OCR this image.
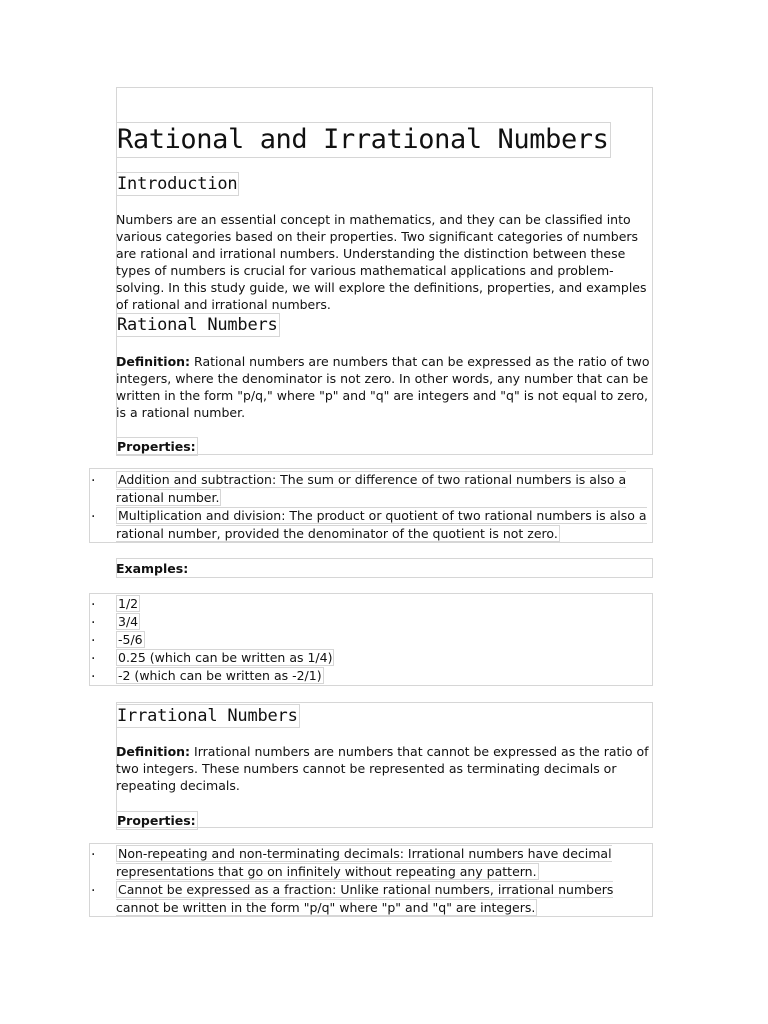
Rational and Irrational Numbers
Introduction

Numbers are an essential concept in mathematics, and they can be classified into various categories based on their properties. Two significant categories of numbers are rational and irrational numbers. Understanding the distinction between these types of numbers is crucial for various mathematical applications and problem-solving. In this study guide, we will explore the definitions, properties, and examples of rational and irrational numbers.

Rational Numbers

Definition: Rational numbers are numbers that can be expressed as the ratio of two integers, where the denominator is not zero. In other words, any number that can be written in the form "p/q," where "p" and "q" are integers and "q" is not equal to zero, is a rational number.

Properties:

. Addition and subtraction: The sum or difference of two rational numbers is also a rational number.
. Multiplication and division: The product or quotient of two rational numbers is also a rational number, provided the denominator of the quotient is not zero.

Examples:

. 1/2
. 3/4
. -5/6
. 0.25 (which can be written as 1/4)
. -2 (which can be written as -2/1)
Irrational Numbers

Definition: Irrational numbers are numbers that cannot be expressed as the ratio of two integers. These numbers cannot be represented as terminating decimals or repeating decimals.

Properties:

. Non-repeating and non-terminating decimals: Irrational numbers have decimal representations that go on infinitely without repeating any pattern.
. Cannot be expressed as a fraction: Unlike rational numbers, irrational numbers cannot be written in the form "p/q" where "p" and "q" are integers.
